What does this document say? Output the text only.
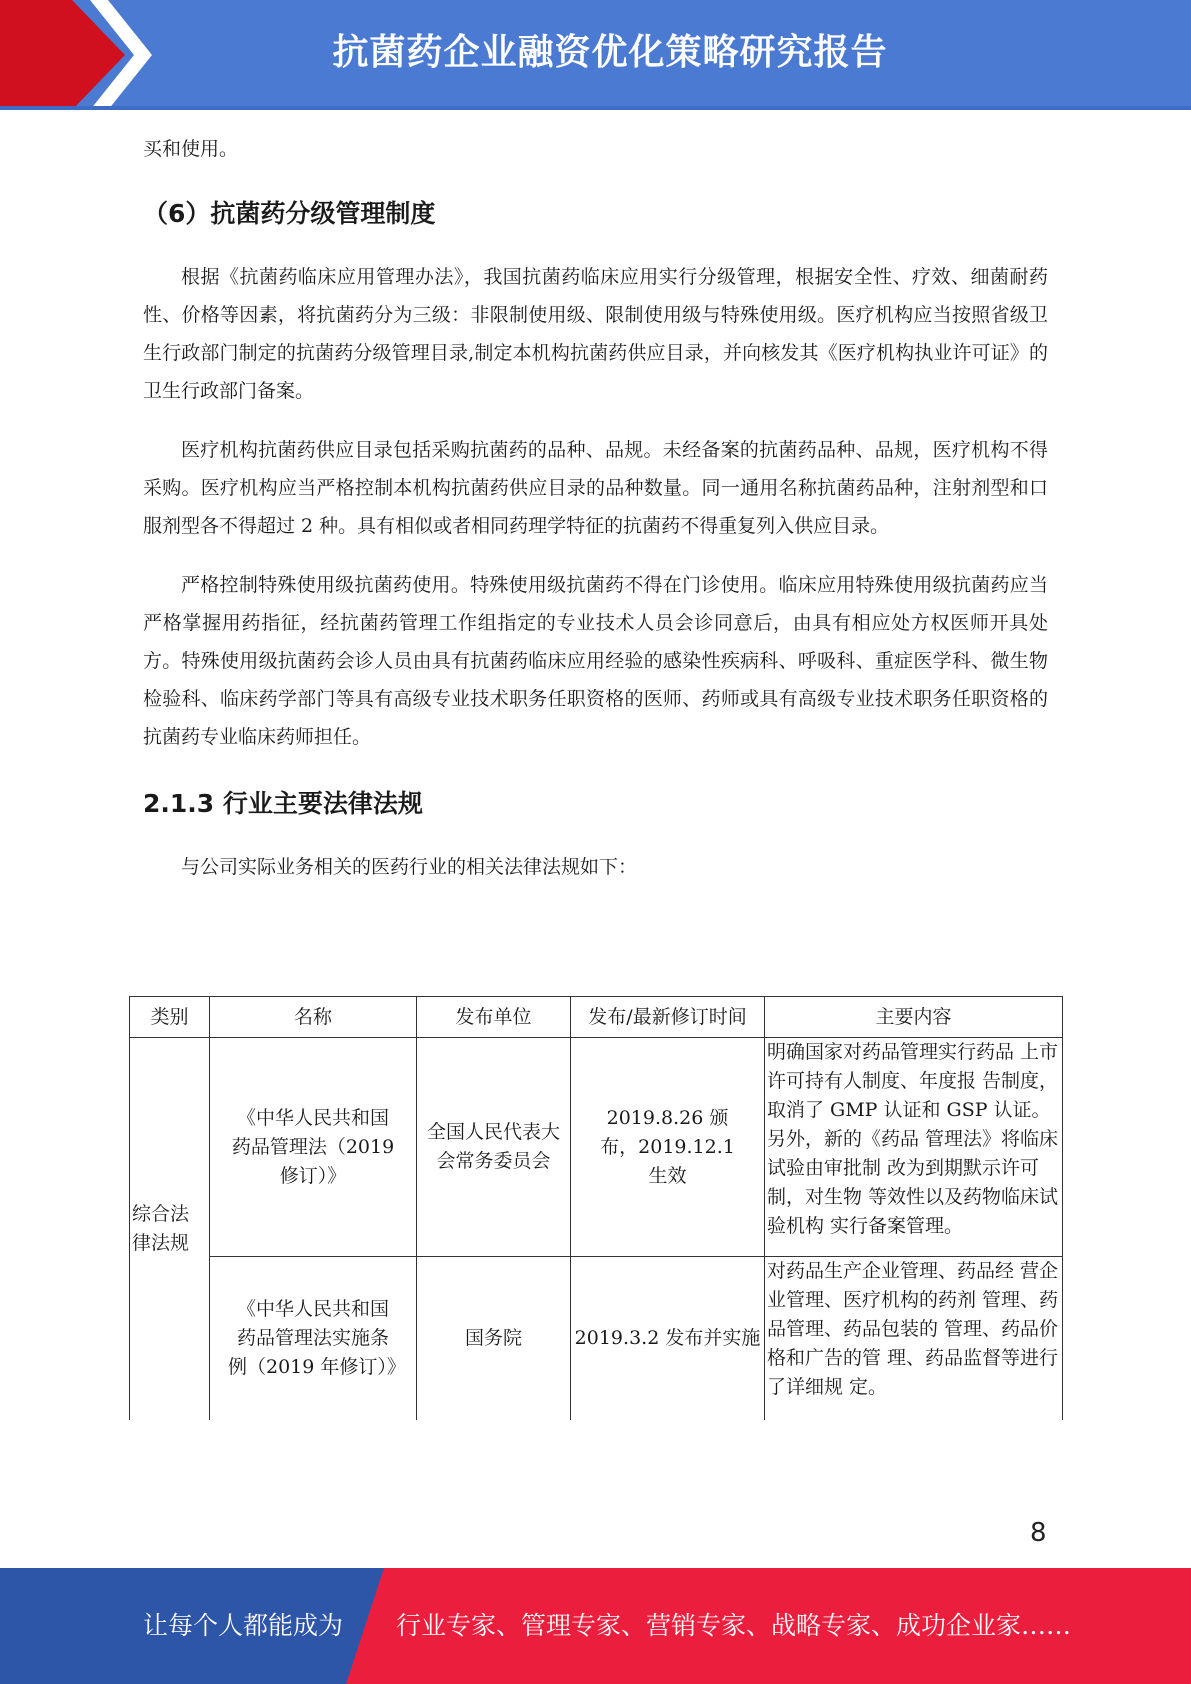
抗菌药企业融资优化策略研究报告

买和使用。

（6）抗菌药分级管理制度

根据《抗菌药临床应用管理办法》，我国抗菌药临床应用实行分级管理，根据安全性、疗效、细菌耐药性、价格等因素，将抗菌药分为三级：非限制使用级、限制使用级与特殊使用级。医疗机构应当按照省级卫生行政部门制定的抗菌药分级管理目录,制定本机构抗菌药供应目录，并向核发其《医疗机构执业许可证》的卫生行政部门备案。

医疗机构抗菌药供应目录包括采购抗菌药的品种、品规。未经备案的抗菌药品种、品规，医疗机构不得采购。医疗机构应当严格控制本机构抗菌药供应目录的品种数量。同一通用名称抗菌药品种，注射剂型和口服剂型各不得超过 2 种。具有相似或者相同药理学特征的抗菌药不得重复列入供应目录。

严格控制特殊使用级抗菌药使用。特殊使用级抗菌药不得在门诊使用。临床应用特殊使用级抗菌药应当严格掌握用药指征，经抗菌药管理工作组指定的专业技术人员会诊同意后，由具有相应处方权医师开具处方。特殊使用级抗菌药会诊人员由具有抗菌药临床应用经验的感染性疾病科、呼吸科、重症医学科、微生物检验科、临床药学部门等具有高级专业技术职务任职资格的医师、药师或具有高级专业技术职务任职资格的抗菌药专业临床药师担任。

2.1.3 行业主要法律法规

与公司实际业务相关的医药行业的相关法律法规如下：

类别	名称	发布单位	发布/最新修订时间	主要内容
综合法律法规	《中华人民共和国药品管理法（2019 修订）》	全国人民代表大会常务委员会	2019.8.26 颁布，2019.12.1 生效	明确国家对药品管理实行药品 上市许可持有人制度、年度报 告制度，取消了 GMP 认证和 GSP 认证。另外，新的《药品 管理法》将临床试验由审批制 改为到期默示许可制，对生物 等效性以及药物临床试验机构 实行备案管理。
	《中华人民共和国药品管理法实施条例（2019 年修订）》	国务院	2019.3.2 发布并实施	对药品生产企业管理、药品经 营企业管理、医疗机构的药剂 管理、药品管理、药品包装的 管理、药品价格和广告的管 理、药品监督等进行了详细规 定。
8
让每个人都能成为 行业专家、管理专家、营销专家、战略专家、成功企业家……
